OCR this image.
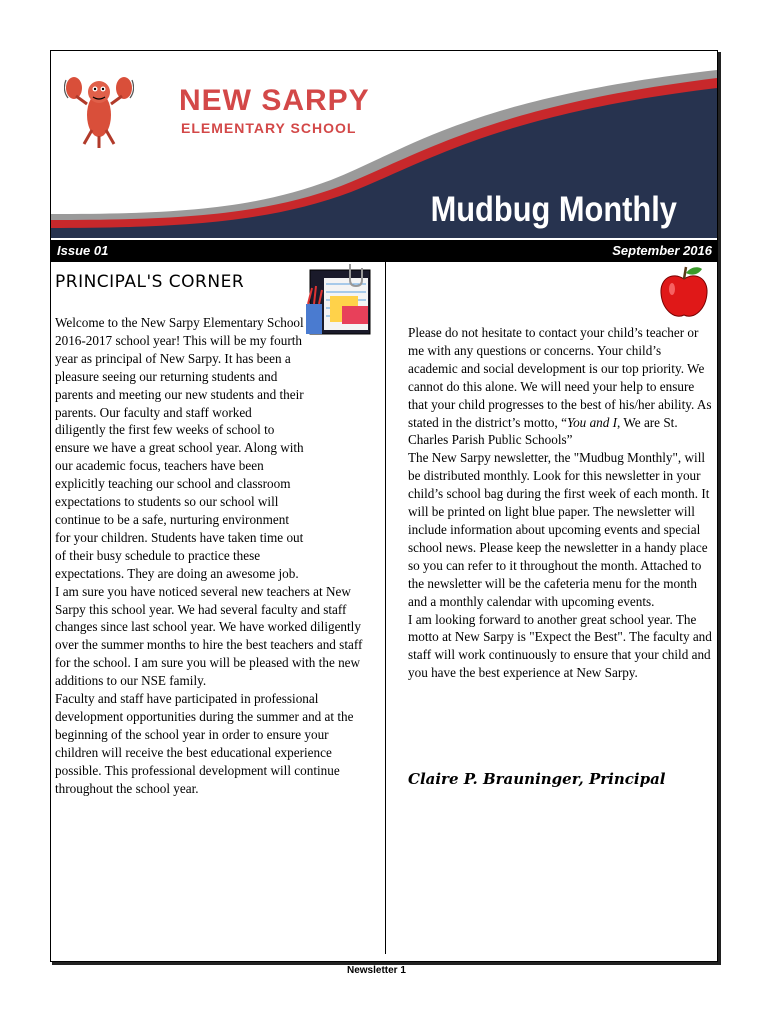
NEW SARPY
ELEMENTARY SCHOOL
Mudbug Monthly
Issue 01	September 2016
PRINCIPAL'S CORNER

Welcome to the New Sarpy Elementary School 2016-2017 school year! This will be my fourth year as principal of New Sarpy. It has been a pleasure seeing our returning students and parents and meeting our new students and their parents. Our faculty and staff worked diligently the first few weeks of school to ensure we have a great school year. Along with our academic focus, teachers have been explicitly teaching our school and classroom expectations to students so our school will continue to be a safe, nurturing environment for your children. Students have taken time out of their busy schedule to practice these expectations. They are doing an awesome job.

I am sure you have noticed several new teachers at New Sarpy this school year. We had several faculty and staff changes since last school year. We have worked diligently over the summer months to hire the best teachers and staff for the school. I am sure you will be pleased with the new additions to our NSE family.

Faculty and staff have participated in professional development opportunities during the summer and at the beginning of the school year in order to ensure your children will receive the best educational experience possible. This professional development will continue throughout the school year.

Please do not hesitate to contact your child’s teacher or me with any questions or concerns. Your child’s academic and social development is our top priority. We cannot do this alone. We will need your help to ensure that your child progresses to the best of his/her ability. As stated in the district’s motto, “You and I, We are St. Charles Parish Public Schools”

The New Sarpy newsletter, the "Mudbug Monthly", will be distributed monthly. Look for this newsletter in your child’s school bag during the first week of each month. It will be printed on light blue paper. The newsletter will include information about upcoming events and special school news. Please keep the newsletter in a handy place so you can refer to it throughout the month. Attached to the newsletter will be the cafeteria menu for the month and a monthly calendar with upcoming events.

I am looking forward to another great school year. The motto at New Sarpy is "Expect the Best". The faculty and staff will work continuously to ensure that your child and you have the best experience at New Sarpy.

Claire P. Brauninger, Principal
Newsletter 1
